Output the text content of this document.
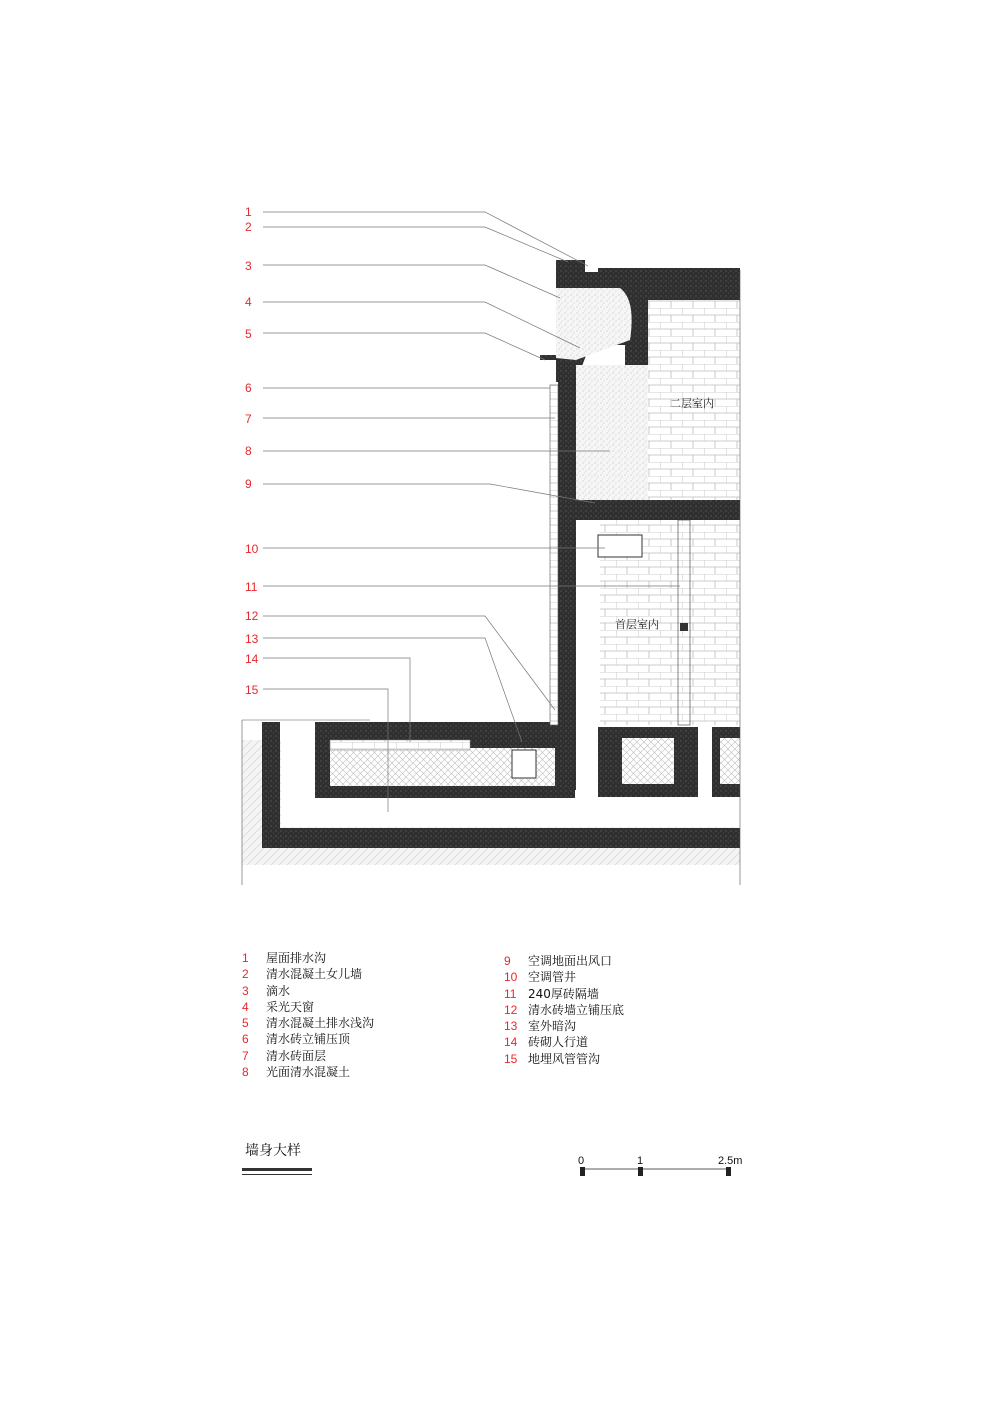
1
2
3
4
5
6
7
8
9
10
11
12
13
14
15
二层室内
首层室内
0	1	2.5m
1 屋面排水沟
2 清水混凝土女儿墙
3 滴水
4 采光天窗
5 清水混凝土排水浅沟
6 清水砖立铺压顶
7 清水砖面层
8 光面清水混凝土
9 空调地面出风口
10 空调管井
11 240厚砖隔墙
12 清水砖墙立铺压底
13 室外暗沟
14 砖砌人行道
15 地埋风管管沟
墙身大样
